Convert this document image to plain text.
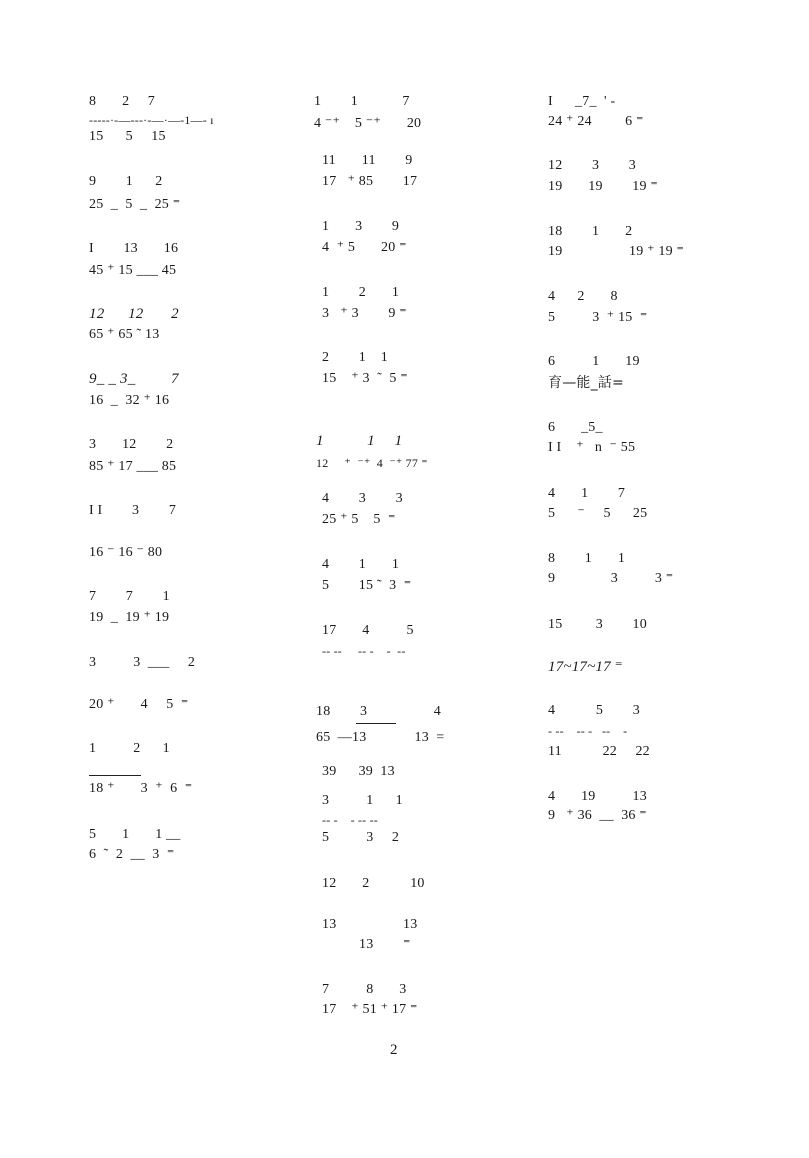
8       2     7
-----·-—---·-—·—-1—- ı
15      5     15
9        1      2
25  _  5  _  25 ⁼
I        13       16
45 ⁺ 15 ___ 45
12      12       2
65 ⁺ 65 ˜ 13
9_ _ 3_         7
16  _  32 ⁺ 16
3       12        2
85 ⁺ 17 ___ 85
I I        3        7
16 ⁻ 16 ⁻ 80
7        7        1
19  _  19 ⁺ 19
3          3  ___     2
20 ⁺       4     5  ⁼
1          2      1
18 ⁺       3  ⁺  6  ⁼
5       1       1 __
6  ˜  2  __  3  ⁼
1        1            7
4 ⁻⁺    5 ⁻⁺       20
11       11        9
17   ⁺ 85        17
1       3        9
4  ⁺ 5       20 ⁼
1        2       1
3   ⁺ 3        9 ⁼
2        1    1
15    ⁺ 3  ˜  5 ⁼
1           1     1
12     ⁺  ⁻⁺  4  ⁻⁺ 77 ⁼
4        3        3
25 ⁺ 5    5  ⁼
4        1       1
5        15 ˜  3  ⁼
17       4          5
-- --     -- -    -  --
18        3                  4
65  —13             13  =
39      39  13
3          1      1
-- -    - -- --
5          3     2
12       2           10
13                  13
13        ⁼
7          8       3
17    ⁺ 51 ⁺ 17 ⁼
I      _7_  ' -
24 ⁺ 24         6 ⁼
12        3        3
19       19        19 ⁼
18        1       2
19                  19 ⁺ 19 ⁼
4      2       8
5          3  ⁺ 15  ⁼
6          1       19
育—能_話=
6       _5_
I I    ⁺   n  ⁻ 55
4       1        7
5      ⁻     5      25
8        1       1
9               3          3 ⁼
15         3        10
17~17~17 ⁼
4           5        3
- --    -- -   --    -
11           22     22
4       19          13
9   ⁺ 36  __  36 ⁼
2
